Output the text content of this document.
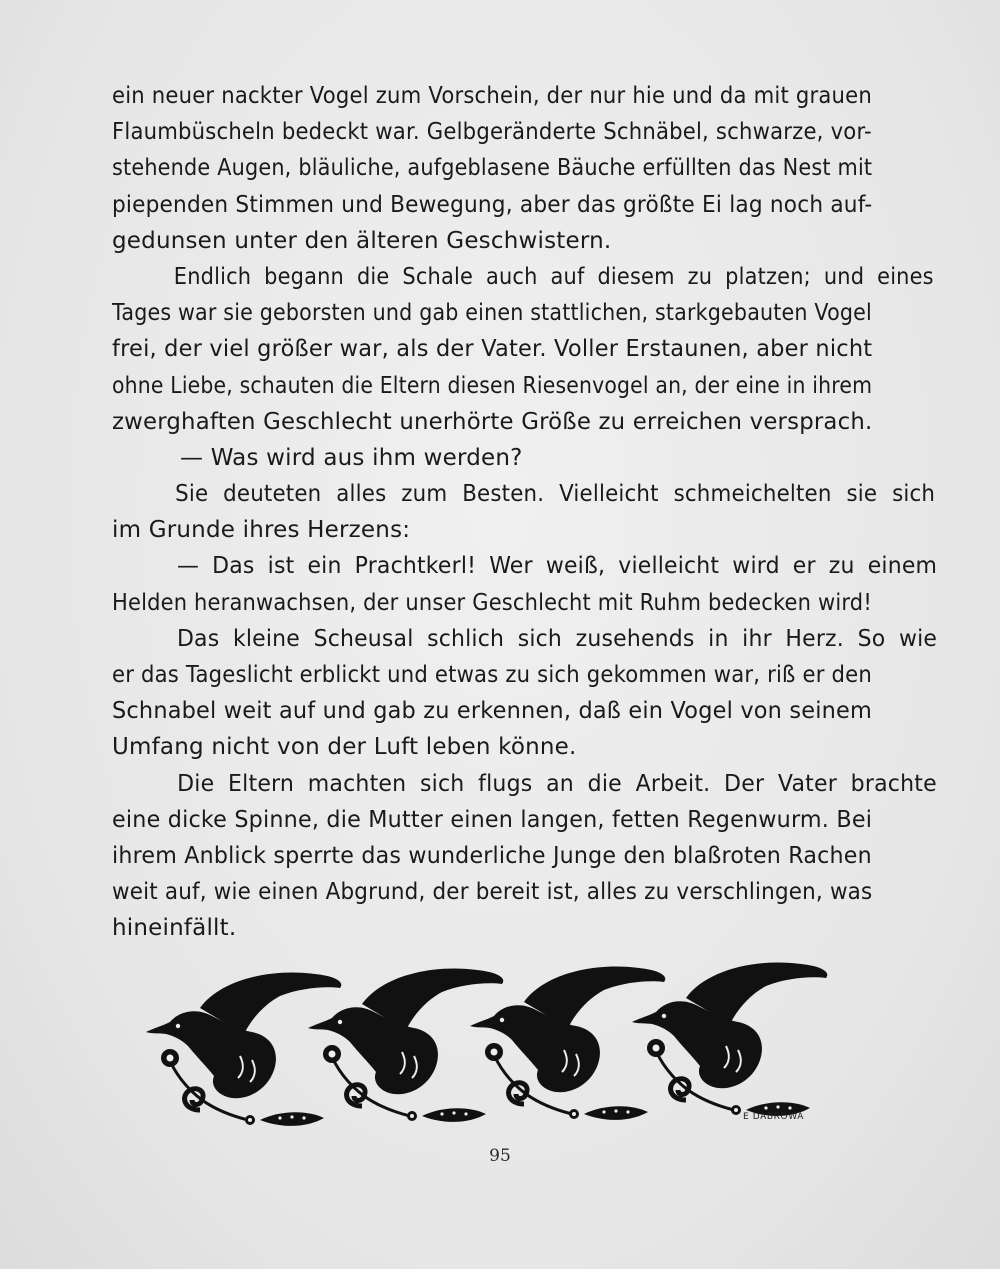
ein neuer nackter Vogel zum Vorschein, der nur hie und da mit grauen
Flaumbüscheln bedeckt war. Gelbgeränderte Schnäbel, schwarze, vor-
stehende Augen, bläuliche, aufgeblasene Bäuche erfüllten das Nest mit
piependen Stimmen und Bewegung, aber das größte Ei lag noch auf-
gedunsen unter den älteren Geschwistern.
Endlich begann die Schale auch auf diesem zu platzen; und eines
Tages war sie geborsten und gab einen stattlichen, starkgebauten Vogel
frei, der viel größer war, als der Vater. Voller Erstaunen, aber nicht
ohne Liebe, schauten die Eltern diesen Riesenvogel an, der eine in ihrem
zwerghaften Geschlecht unerhörte Größe zu erreichen versprach.
— Was wird aus ihm werden?
Sie deuteten alles zum Besten. Vielleicht schmeichelten sie sich
im Grunde ihres Herzens:
— Das ist ein Prachtkerl! Wer weiß, vielleicht wird er zu einem
Helden heranwachsen, der unser Geschlecht mit Ruhm bedecken wird!
Das kleine Scheusal schlich sich zusehends in ihr Herz. So wie
er das Tageslicht erblickt und etwas zu sich gekommen war, riß er den
Schnabel weit auf und gab zu erkennen, daß ein Vogel von seinem
Umfang nicht von der Luft leben könne.
Die Eltern machten sich flugs an die Arbeit. Der Vater brachte
eine dicke Spinne, die Mutter einen langen, fetten Regenwurm. Bei
ihrem Anblick sperrte das wunderliche Junge den blaßroten Rachen
weit auf, wie einen Abgrund, der bereit ist, alles zu verschlingen, was
hineinfällt.
E DABROWA
95
